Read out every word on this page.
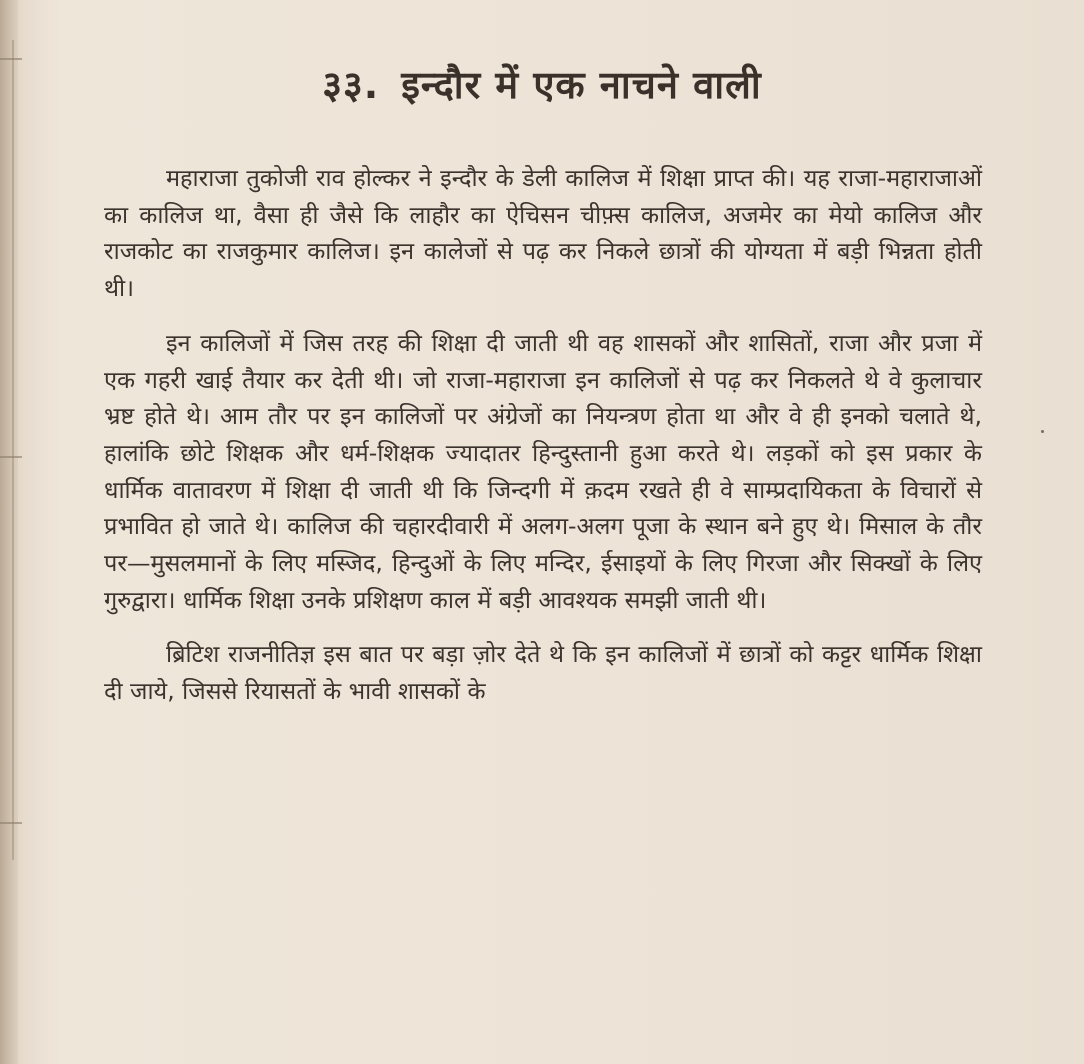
३३. इन्दौर में एक नाचने वाली

महाराजा तुकोजी राव होल्कर ने इन्दौर के डेली कालिज में शिक्षा प्राप्त की। यह राजा-महाराजाओं का कालिज था, वैसा ही जैसे कि लाहौर का ऐचिसन चीफ़्स कालिज, अजमेर का मेयो कालिज और राजकोट का राजकुमार कालिज। इन कालेजों से पढ़ कर निकले छात्रों की योग्यता में बड़ी भिन्नता होती थी।

इन कालिजों में जिस तरह की शिक्षा दी जाती थी वह शासकों और शासितों, राजा और प्रजा में एक गहरी खाई तैयार कर देती थी। जो राजा-महाराजा इन कालिजों से पढ़ कर निकलते थे वे कुलाचार भ्रष्ट होते थे। आम तौर पर इन कालिजों पर अंग्रेजों का नियन्त्रण होता था और वे ही इनको चलाते थे, हालांकि छोटे शिक्षक और धर्म-शिक्षक ज्यादातर हिन्दुस्तानी हुआ करते थे। लड़कों को इस प्रकार के धार्मिक वातावरण में शिक्षा दी जाती थी कि जिन्दगी में क़दम रखते ही वे साम्प्रदायिकता के विचारों से प्रभावित हो जाते थे। कालिज की चहारदीवारी में अलग-अलग पूजा के स्थान बने हुए थे। मिसाल के तौर पर—मुसलमानों के लिए मस्जिद, हिन्दुओं के लिए मन्दिर, ईसाइयों के लिए गिरजा और सिक्खों के लिए गुरुद्वारा। धार्मिक शिक्षा उनके प्रशिक्षण काल में बड़ी आवश्यक समझी जाती थी।

ब्रिटिश राजनीतिज्ञ इस बात पर बड़ा ज़ोर देते थे कि इन कालिजों में छात्रों को कट्टर धार्मिक शिक्षा दी जाये, जिससे रियासतों के भावी शासकों के
